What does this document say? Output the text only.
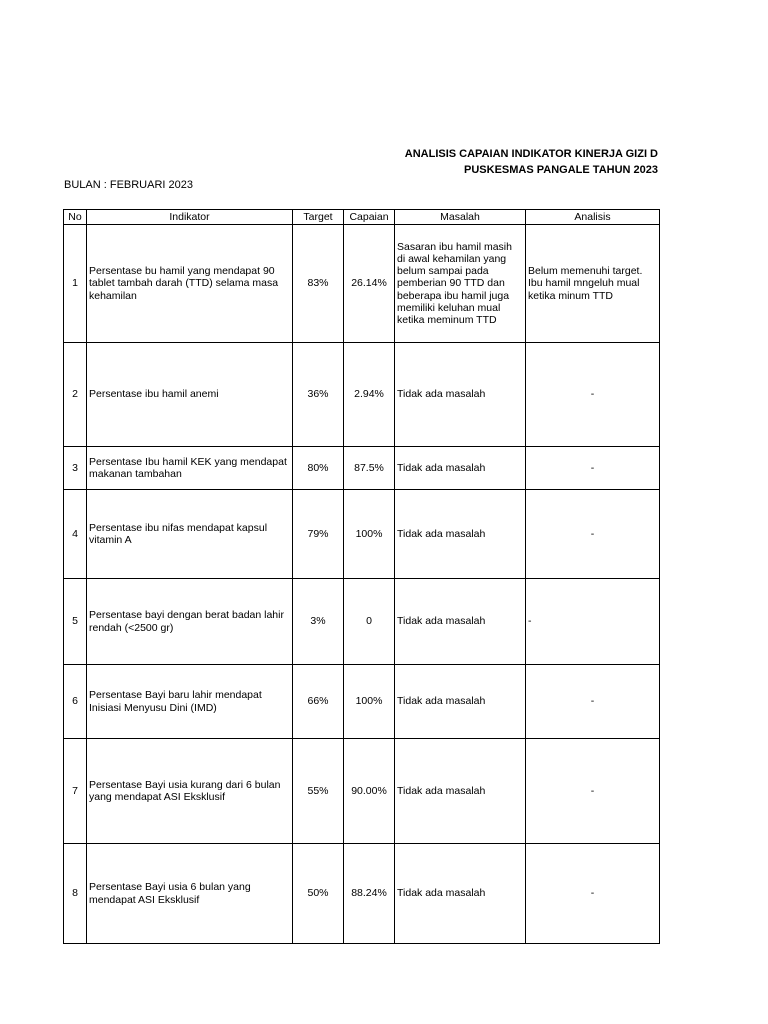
ANALISIS CAPAIAN INDIKATOR KINERJA GIZI D
PUSKESMAS PANGALE TAHUN 2023
BULAN : FEBRUARI 2023
No	Indikator	Target	Capaian	Masalah	Analisis
1	Persentase bu hamil yang mendapat 90 tablet tambah darah (TTD) selama masa kehamilan	83%	26.14%	Sasaran ibu hamil masih di awal kehamilan yang belum sampai pada pemberian 90 TTD dan beberapa ibu hamil juga memiliki keluhan mual ketika meminum TTD	Belum memenuhi target. Ibu hamil mngeluh mual ketika minum TTD
2	Persentase ibu hamil anemi	36%	2.94%	Tidak ada masalah	-
3	Persentase Ibu hamil KEK yang mendapat makanan tambahan	80%	87.5%	Tidak ada masalah	-
4	Persentase ibu nifas mendapat kapsul vitamin A	79%	100%	Tidak ada masalah	-
5	Persentase bayi dengan berat badan lahir rendah (<2500 gr)	3%	0	Tidak ada masalah	-
6	Persentase Bayi baru lahir mendapat Inisiasi Menyusu Dini (IMD)	66%	100%	Tidak ada masalah	-
7	Persentase Bayi usia kurang dari 6 bulan yang mendapat ASI Eksklusif	55%	90.00%	Tidak ada masalah	-
8	Persentase Bayi usia 6 bulan yang mendapat ASI Eksklusif	50%	88.24%	Tidak ada masalah	-
